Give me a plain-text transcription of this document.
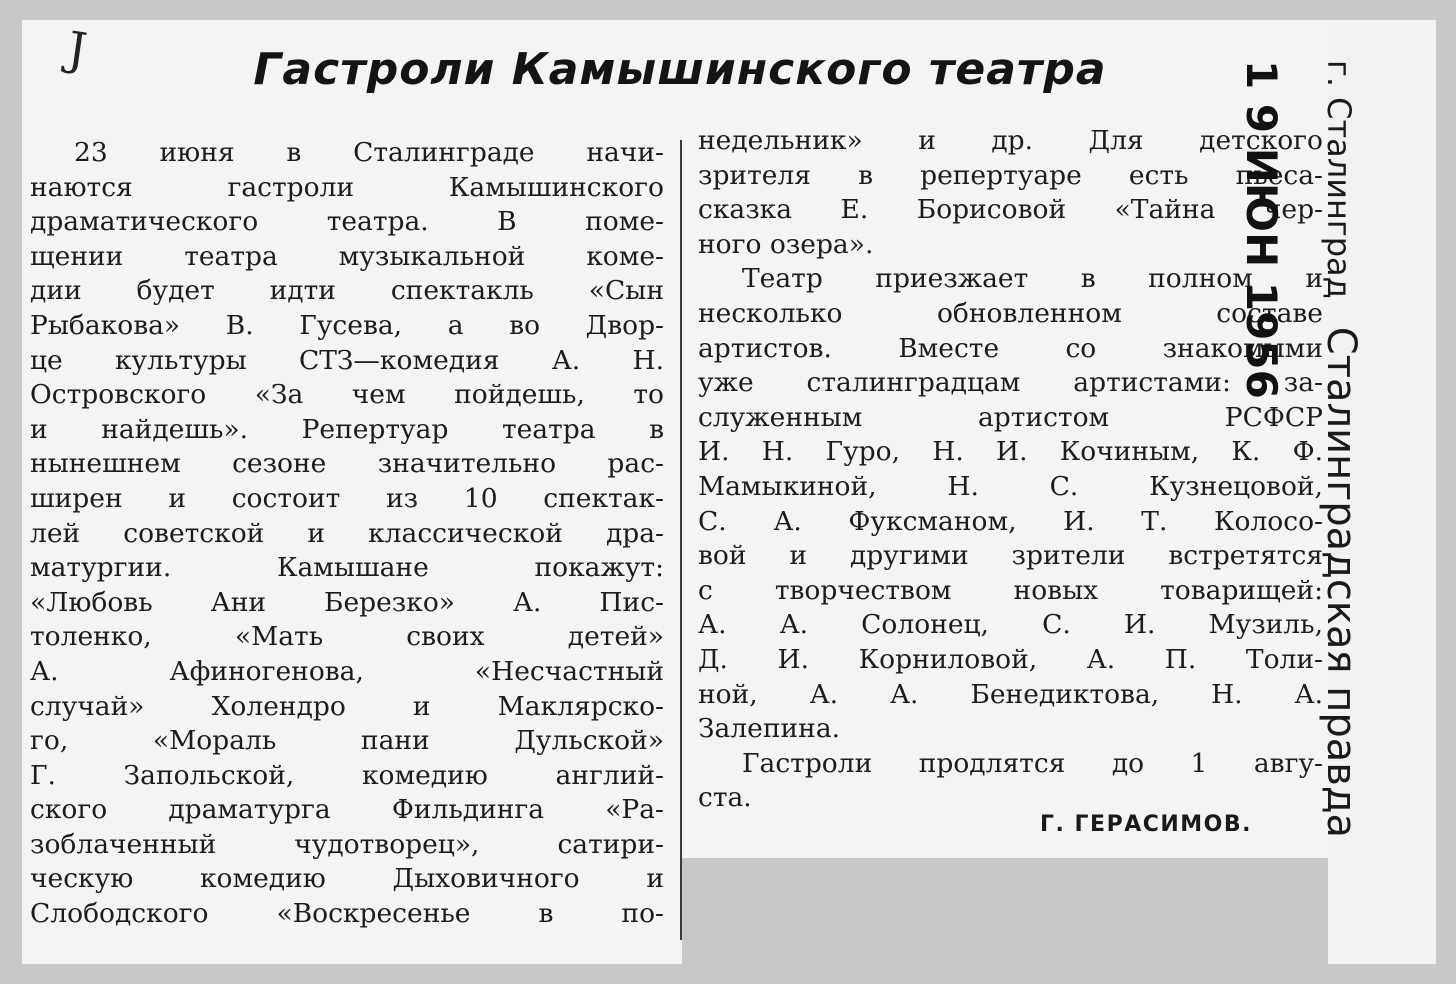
J	Гастроли Камышинского театра
23 июня в Сталинграде начи-
наются гастроли Камышинского
драматического театра. В поме-
щении театра музыкальной коме-
дии будет идти спектакль «Сын
Рыбакова» В. Гусева, а во Двор-
це культуры СТЗ—комедия А. Н.
Островского «За чем пойдешь, то
и найдешь». Репертуар театра в
нынешнем сезоне значительно рас-
ширен и состоит из 10 спектак-
лей советской и классической дра-
матургии. Камышане покажут:
«Любовь Ани Березко» А. Пис-
толенко, «Мать своих детей»
А. Афиногенова, «Несчастный
случай» Холендро и Маклярско-
го, «Мораль пани Дульской»
Г. Запольской, комедию англий-
ского драматурга Фильдинга «Ра-
зоблаченный чудотворец», сатири-
ческую комедию Дыховичного и
Слободского «Воскресенье в по-
недельник» и др. Для детского
зрителя в репертуаре есть пьеса-
сказка Е. Борисовой «Тайна чер-
ного озера».
Театр приезжает в полном и
несколько обновленном составе
артистов. Вместе со знакомыми
уже сталинградцам артистами: за-
служенным артистом РСФСР
И. Н. Гуро, Н. И. Кочиным, К. Ф.
Мамыкиной, Н. С. Кузнецовой,
С. А. Фуксманом, И. Т. Колосо-
вой и другими зрители встретятся
с творчеством новых товарищей:
А. А. Солонец, С. И. Музиль,
Д. И. Корниловой, А. П. Толи-
ной, А. А. Бенедиктова, Н. А.
Залепина.
Гастроли продлятся до 1 авгу-
ста.
Г. ГЕРАСИМОВ.
1 9 ИЮН 1956 г. СталинградСталинградская правда
